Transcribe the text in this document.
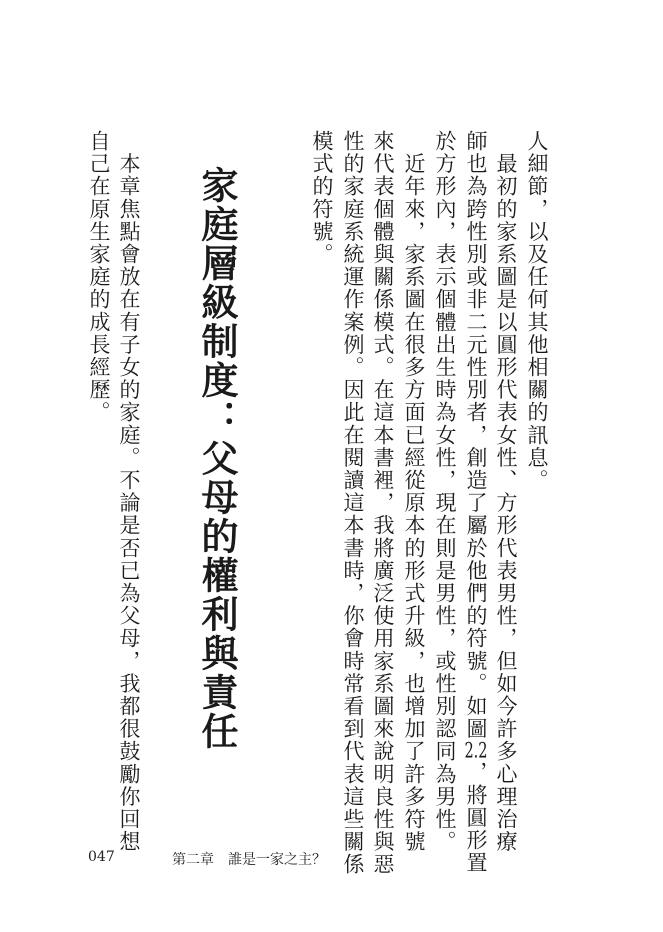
人細節，以及任何其他相關的訊息。
　最初的家系圖是以圓形代表女性、方形代表男性，但如今許多心理治療
師也為跨性別或非二元性別者，創造了屬於他們的符號。如圖2.2，將圓形置
於方形內，表示個體出生時為女性，現在則是男性，或性別認同為男性。
　近年來，家系圖在很多方面已經從原本的形式升級，也增加了許多符號
來代表個體與關係模式。在這本書裡，我將廣泛使用家系圖來說明良性與惡
性的家庭系統運作案例。因此在閱讀這本書時，你會時常看到代表這些關係
模式的符號。
家庭層級制度：父母的權利與責任
　本章焦點會放在有子女的家庭。不論是否已為父母，我都很鼓勵你回想
自己在原生家庭的成長經歷。
047	第二章　誰是一家之主？
